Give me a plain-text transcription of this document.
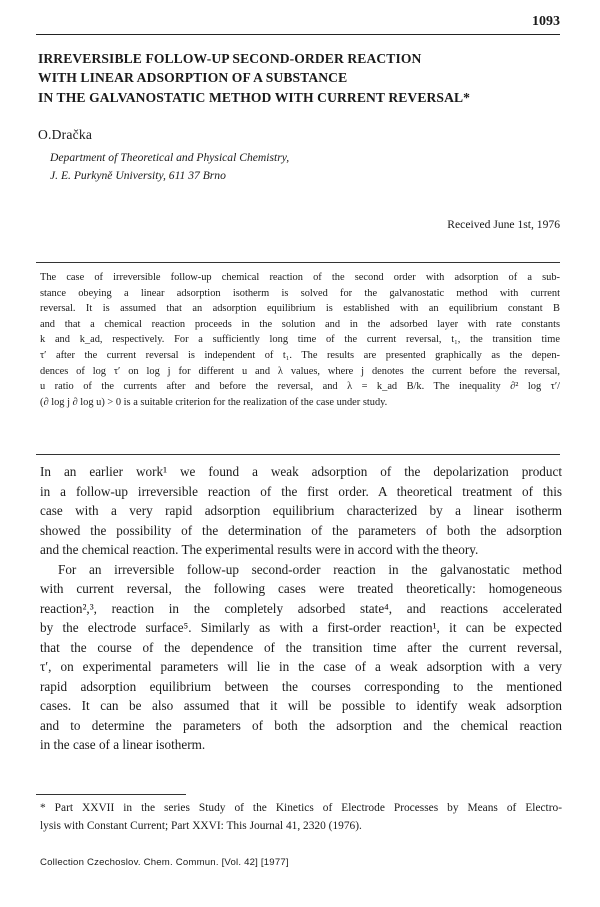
1093
IRREVERSIBLE FOLLOW-UP SECOND-ORDER REACTION
WITH LINEAR ADSORPTION OF A SUBSTANCE
IN THE GALVANOSTATIC METHOD WITH CURRENT REVERSAL*
O.Dračka
Department of Theoretical and Physical Chemistry,
J. E. Purkyně University, 611 37 Brno
Received June 1st, 1976
The case of irreversible follow-up chemical reaction of the second order with adsorption of a sub-
stance obeying a linear adsorption isotherm is solved for the galvanostatic method with current
reversal. It is assumed that an adsorption equilibrium is established with an equilibrium constant B
and that a chemical reaction proceeds in the solution and in the adsorbed layer with rate constants
k and k_ad, respectively. For a sufficiently long time of the current reversal, t₁, the transition time
τ′ after the current reversal is independent of t₁. The results are presented graphically as the depen-
dences of log τ′ on log j for different u and λ values, where j denotes the current before the reversal,
u ratio of the currents after and before the reversal, and λ = k_ad B/k. The inequality ∂² log τ′/
(∂ log j ∂ log u) > 0 is a suitable criterion for the realization of the case under study.

In an earlier work¹ we found a weak adsorption of the depolarization product
in a follow-up irreversible reaction of the first order. A theoretical treatment of this
case with a very rapid adsorption equilibrium characterized by a linear isotherm
showed the possibility of the determination of the parameters of both the adsorption
and the chemical reaction. The experimental results were in accord with the theory.

For an irreversible follow-up second-order reaction in the galvanostatic method
with current reversal, the following cases were treated theoretically: homogeneous
reaction²,³, reaction in the completely adsorbed state⁴, and reactions accelerated
by the electrode surface⁵. Similarly as with a first-order reaction¹, it can be expected
that the course of the dependence of the transition time after the current reversal,
τ′, on experimental parameters will lie in the case of a weak adsorption with a very
rapid adsorption equilibrium between the courses corresponding to the mentioned
cases. It can be also assumed that it will be possible to identify weak adsorption
and to determine the parameters of both the adsorption and the chemical reaction
in the case of a linear isotherm.

* Part XXVII in the series Study of the Kinetics of Electrode Processes by Means of Electro-
lysis with Constant Current; Part XXVI: This Journal 41, 2320 (1976).
Collection Czechoslov. Chem. Commun. [Vol. 42] [1977]
